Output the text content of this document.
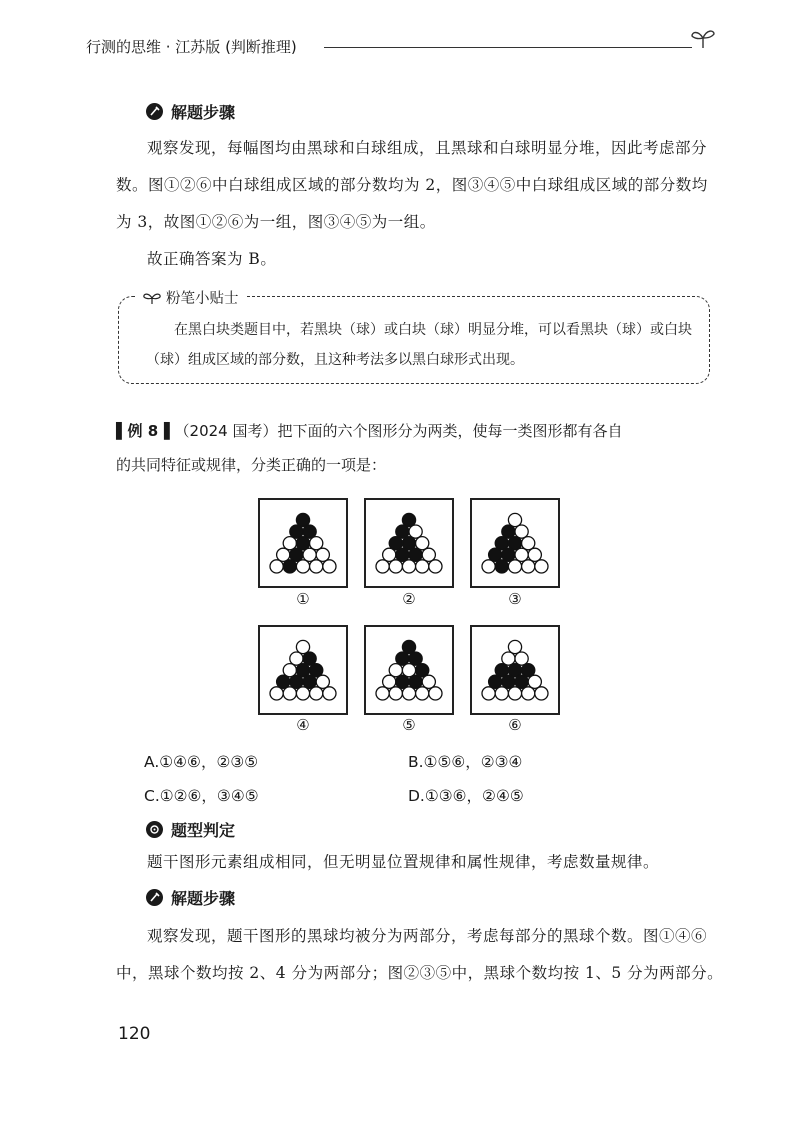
行测的思维 · 江苏版 (判断推理)
解题步骤
观察发现，每幅图均由黑球和白球组成，且黑球和白球明显分堆，因此考虑部分
数。图①②⑥中白球组成区域的部分数均为 2，图③④⑤中白球组成区域的部分数均
为 3，故图①②⑥为一组，图③④⑤为一组。
故正确答案为 B。
粉笔小贴士
在黑白块类题目中，若黑块（球）或白块（球）明显分堆，可以看黑块（球）或白块（球）组成区域的部分数，且这种考法多以黑白球形式出现。
▌例 8▐ （2024 国考）把下面的六个图形分为两类，使每一类图形都有各自
的共同特征或规律，分类正确的一项是：
①	②	③
④	⑤	⑥
A.①④⑥，②③⑤	B.①⑤⑥，②③④
C.①②⑥，③④⑤	D.①③⑥，②④⑤
题型判定
题干图形元素组成相同，但无明显位置规律和属性规律，考虑数量规律。
解题步骤
观察发现，题干图形的黑球均被分为两部分，考虑每部分的黑球个数。图①④⑥
中，黑球个数均按 2、4 分为两部分；图②③⑤中，黑球个数均按 1、5 分为两部分。
120
